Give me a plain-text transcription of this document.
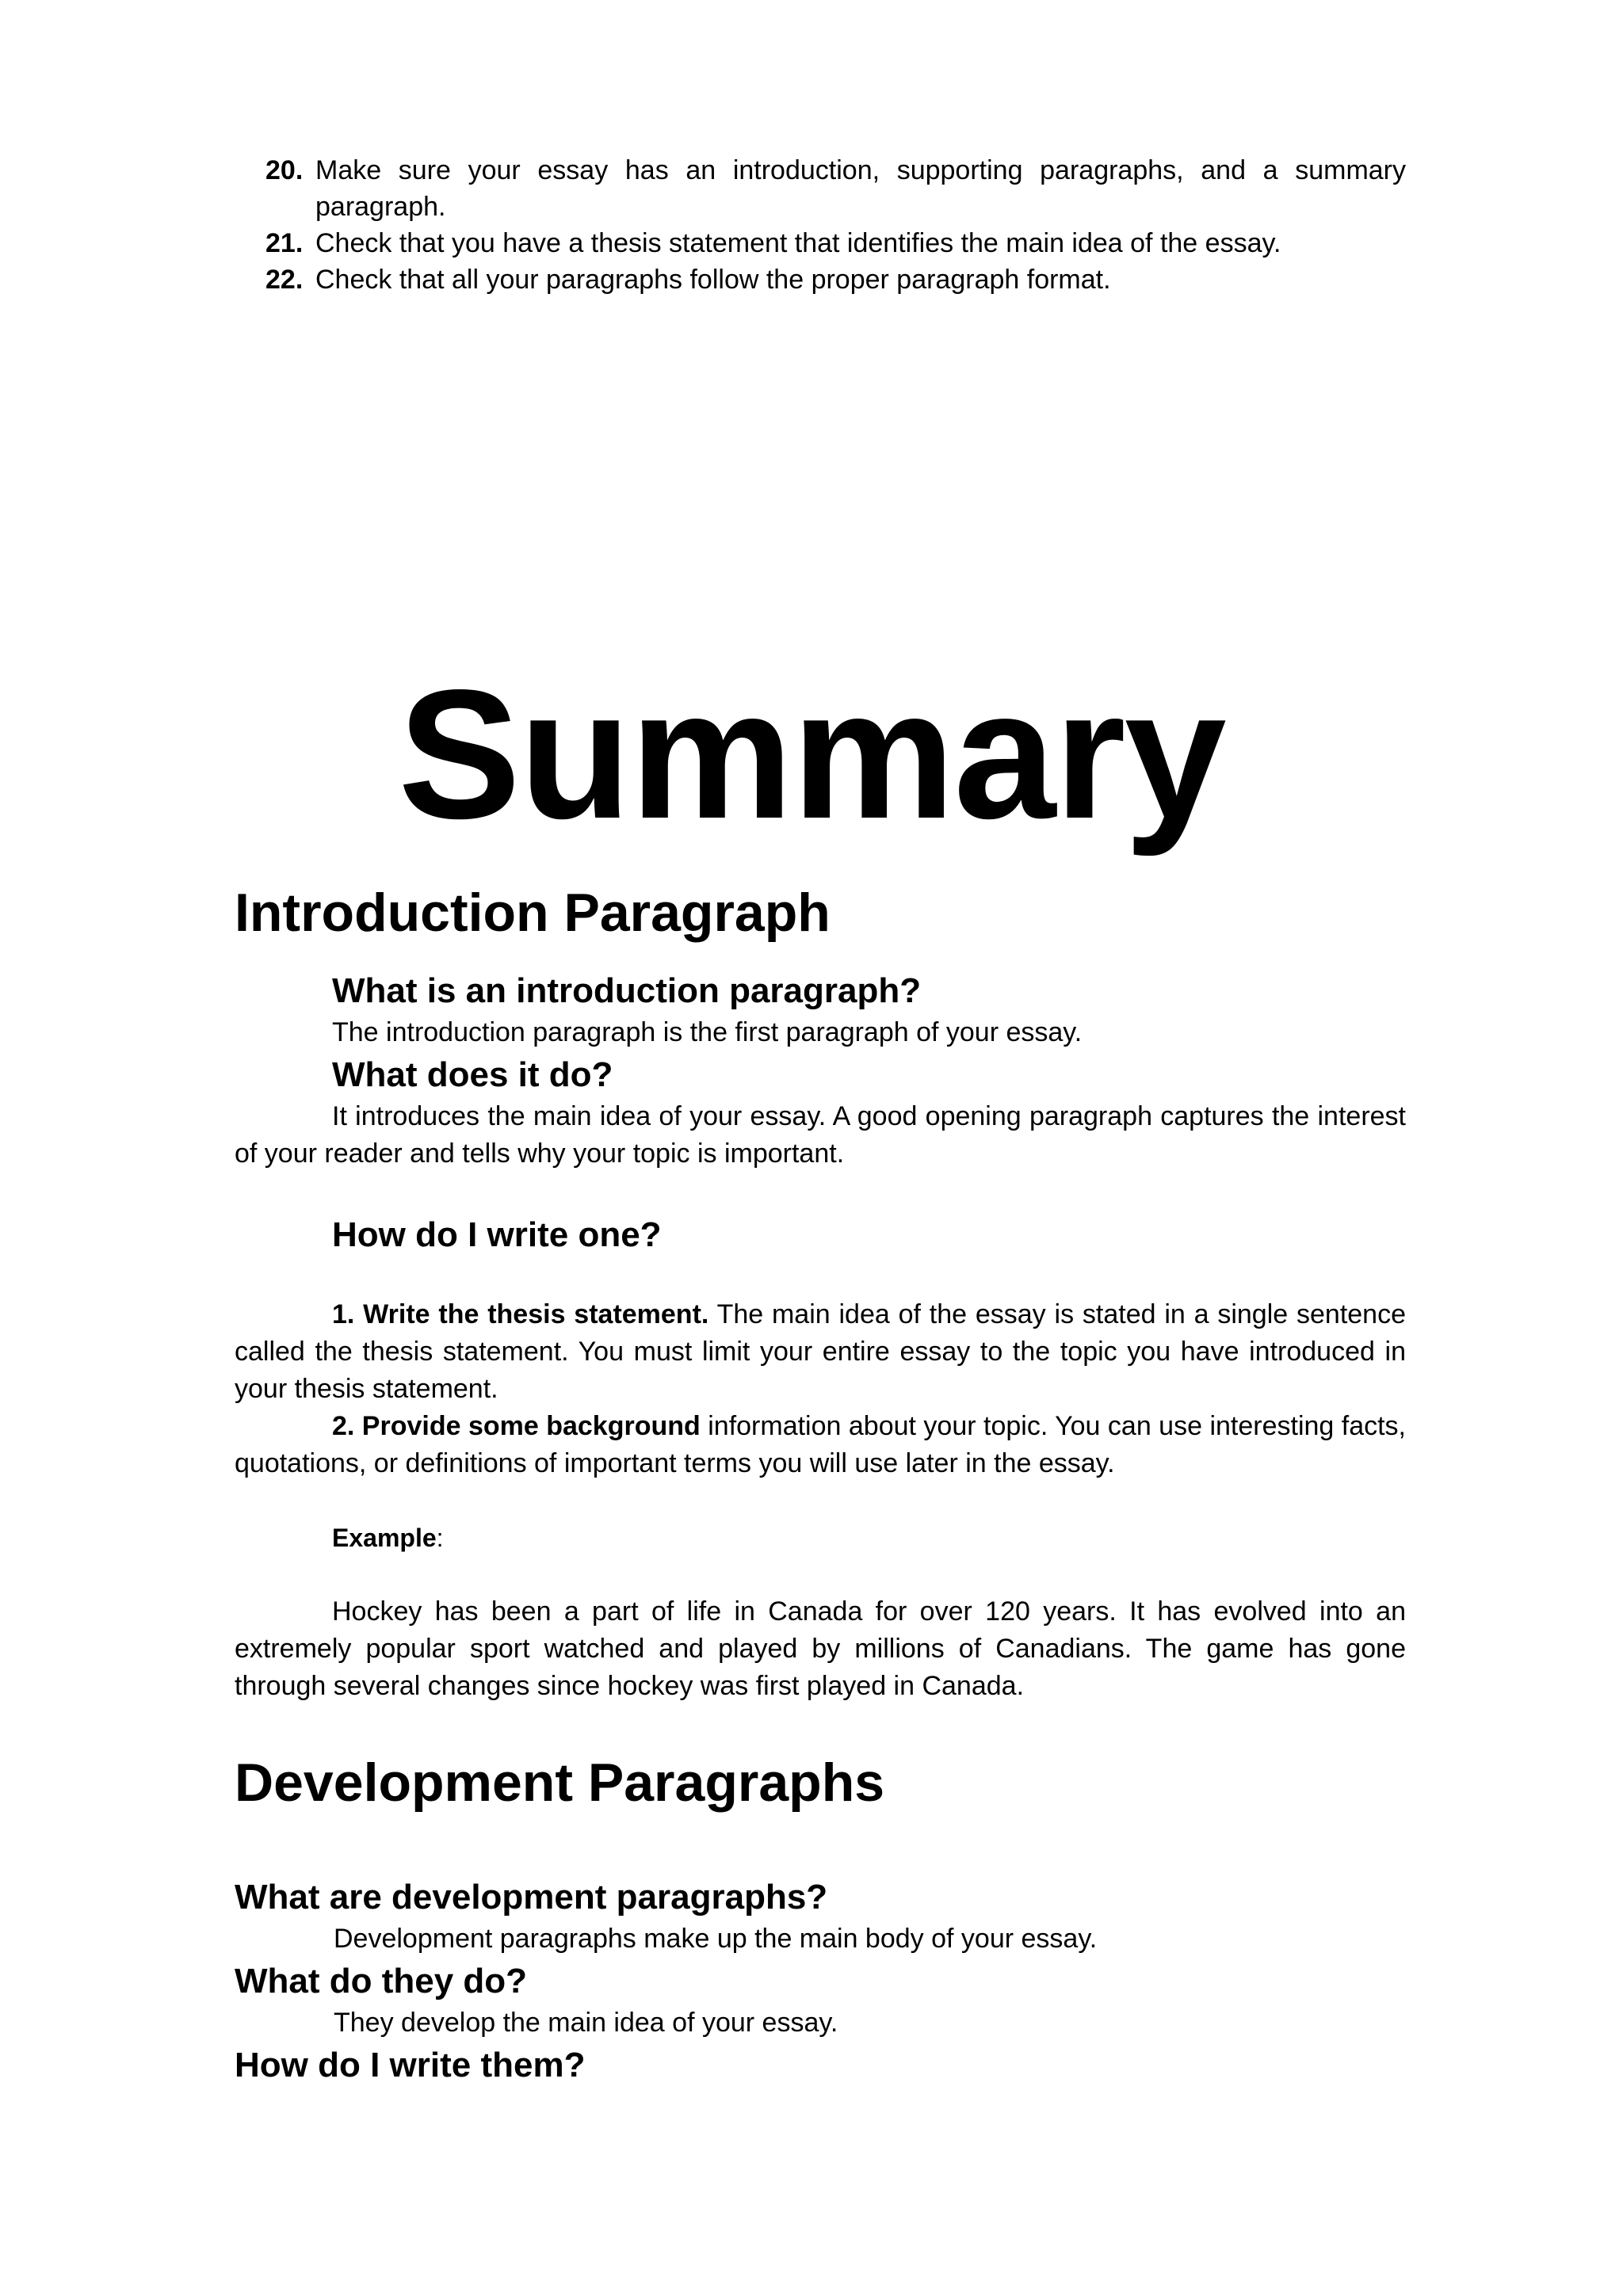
20. Make sure your essay has an introduction, supporting paragraphs, and a summary paragraph.
21. Check that you have a thesis statement that identifies the main idea of the essay.
22. Check that all your paragraphs follow the proper paragraph format.
Summary
Introduction Paragraph
What is an introduction paragraph?

The introduction paragraph is the first paragraph of your essay.

What does it do?

It introduces the main idea of your essay. A good opening paragraph captures the interest of your reader and tells why your topic is important.

How do I write one?

1. Write the thesis statement. The main idea of the essay is stated in a single sentence called the thesis statement. You must limit your entire essay to the topic you have introduced in your thesis statement.

2. Provide some background information about your topic. You can use interesting facts, quotations, or definitions of important terms you will use later in the essay.

Example:

Hockey has been a part of life in Canada for over 120 years. It has evolved into an extremely popular sport watched and played by millions of Canadians. The game has gone through several changes since hockey was first played in Canada.

Development Paragraphs
What are development paragraphs?

Development paragraphs make up the main body of your essay.

What do they do?

They develop the main idea of your essay.

How do I write them?
